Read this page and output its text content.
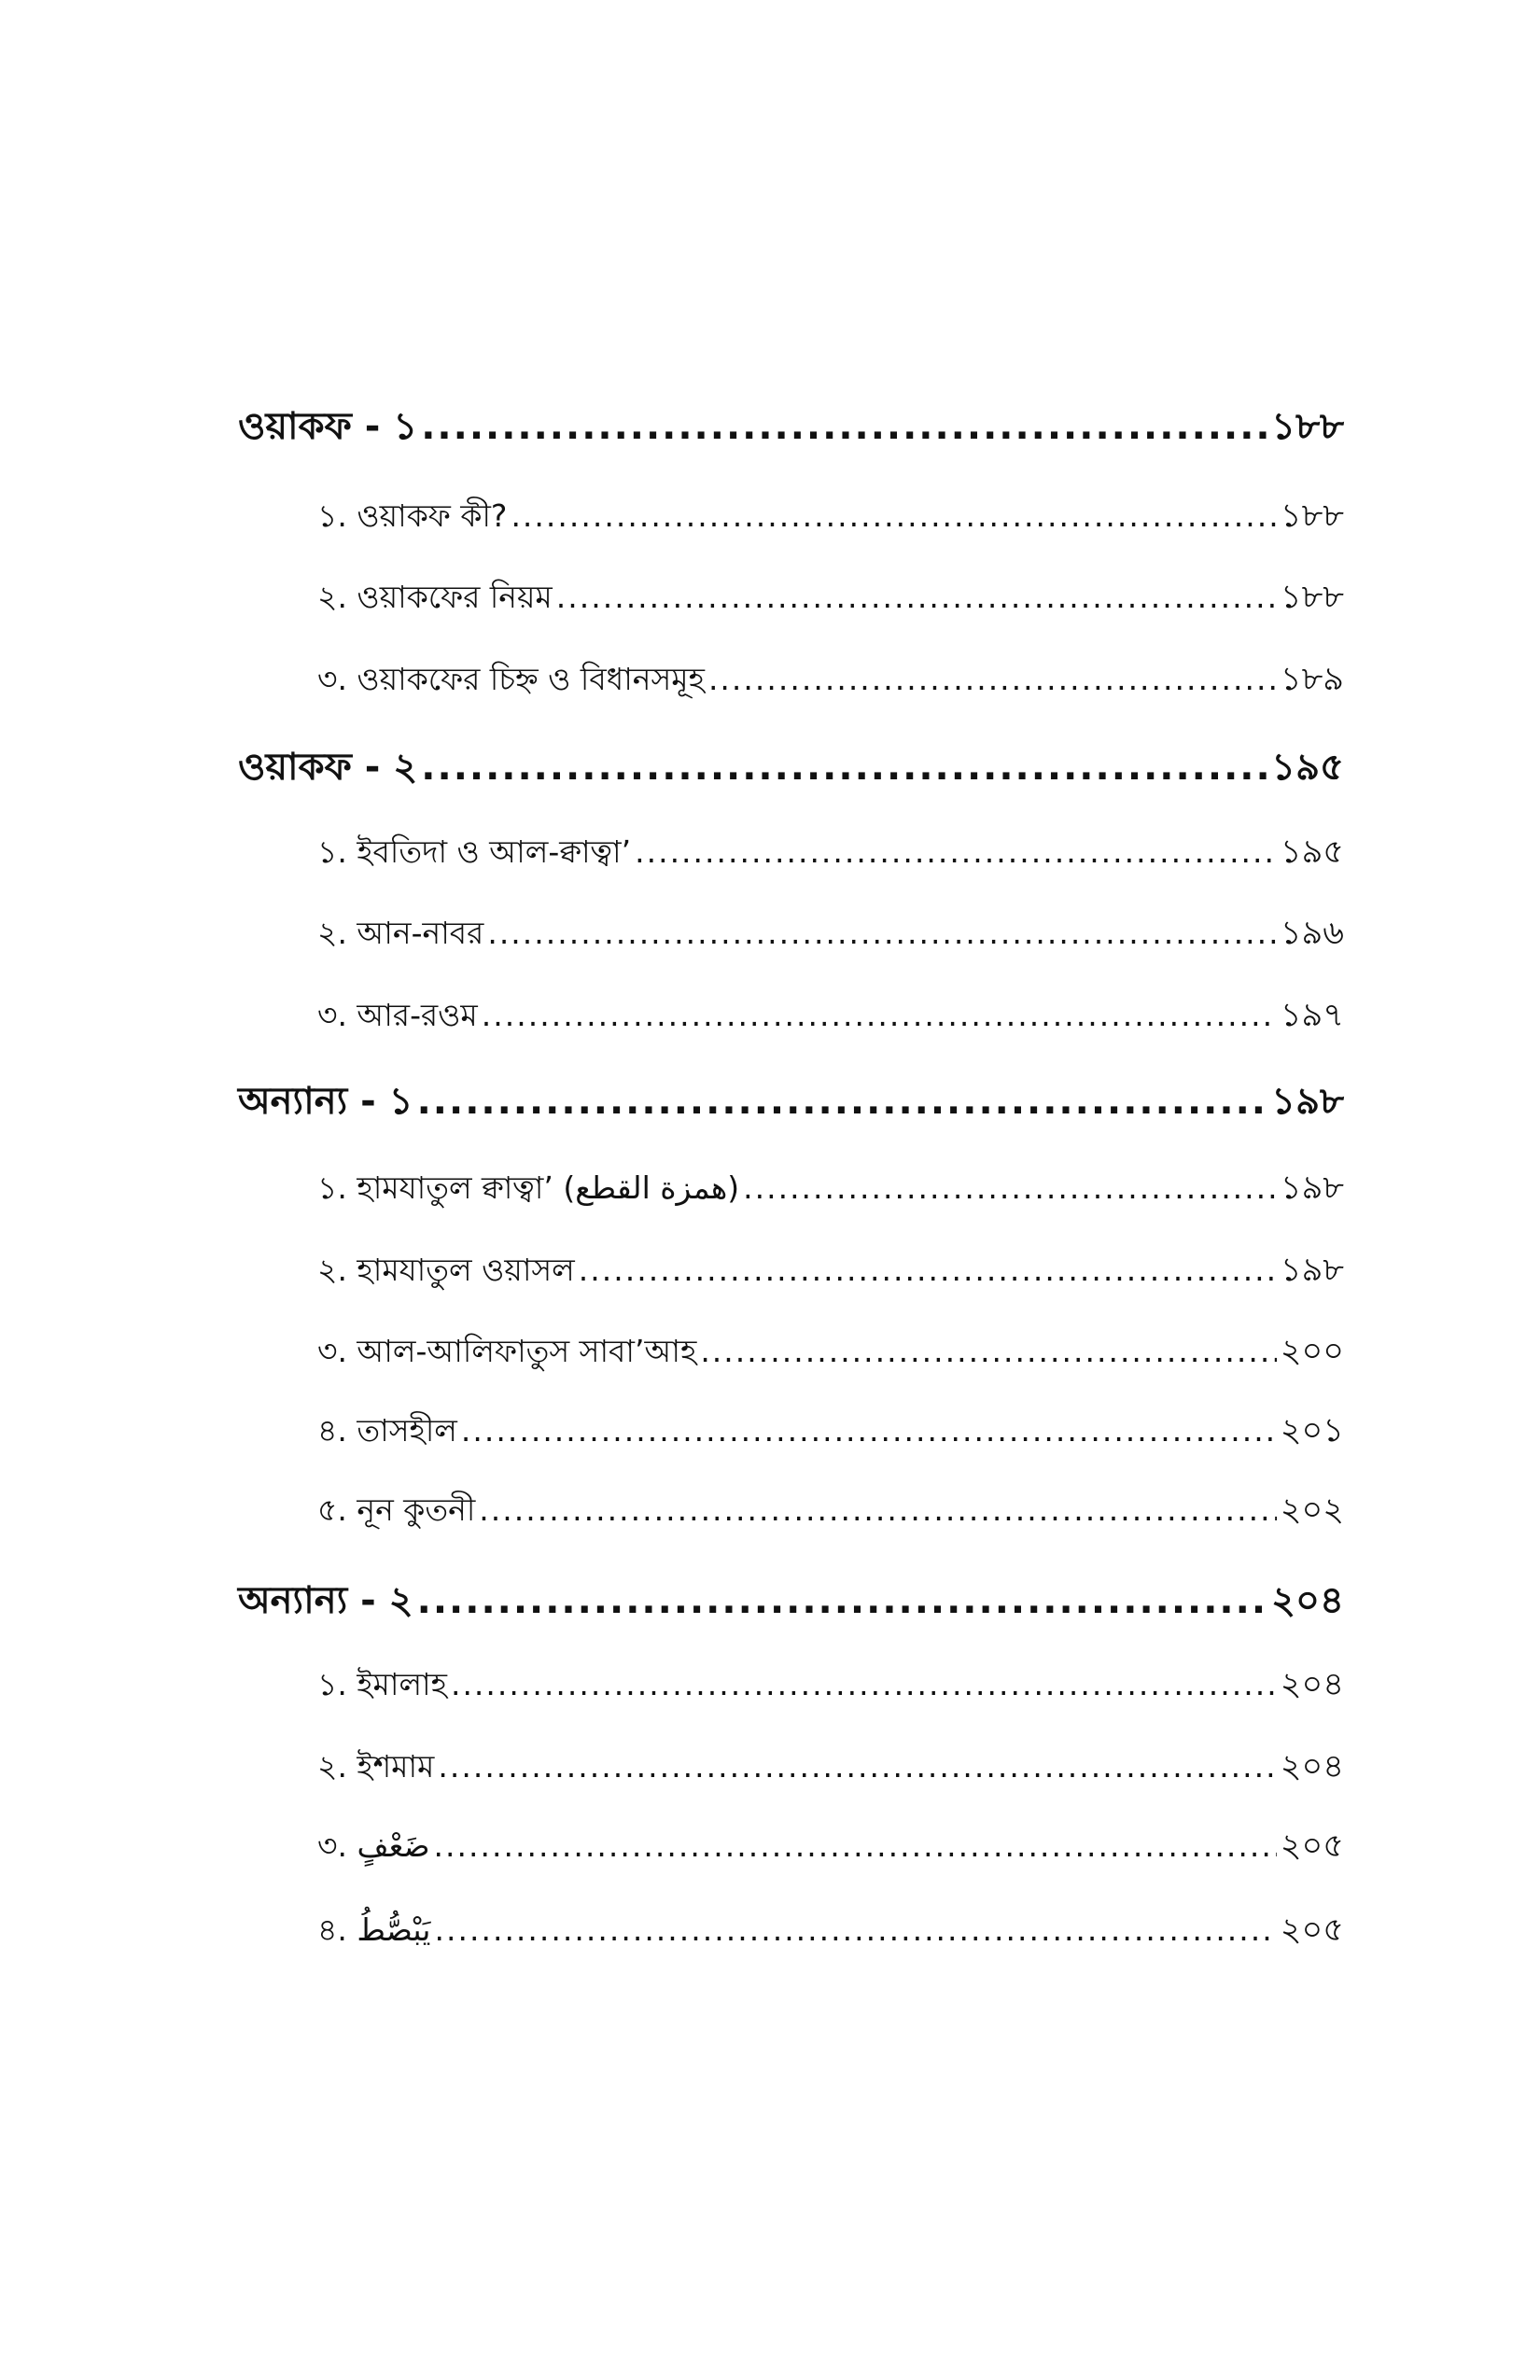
ওয়াকফ - ১ .....	১৮৮
১. ওয়াকফ কী? .....	১৮৮
২. ওয়াকফের নিয়ম .....	১৮৮
৩. ওয়াকফের চিহ্ন ও বিধানসমূহ .....	১৮৯
ওয়াকফ - ২ .....	১৯৫
১. ইবতিদা ও আল-ক্বাত্বা’ .....	১৯৫
২. আন-নাবর .....	১৯৬
৩. আর-রওম .....	১৯৭
অন্যান্য - ১ .....	১৯৮
১. হামযাতুল ক্বাত্বা’ (همزة القطع) .....	১৯৮
২. হামযাতুল ওয়াসল .....	১৯৮
৩. আল-আলিফাতুস সাবা’আহ .....	২০০
৪. তাসহীল .....	২০১
৫. নূন কুতনী .....	২০২
অন্যান্য - ২ .....	২০৪
১. ইমালাহ .....	২০৪
২. ইশমাম .....	২০৪
৩. ضَعْفٍ .....	২০৫
৪. يَبْصُّطُ .....	২০৫
